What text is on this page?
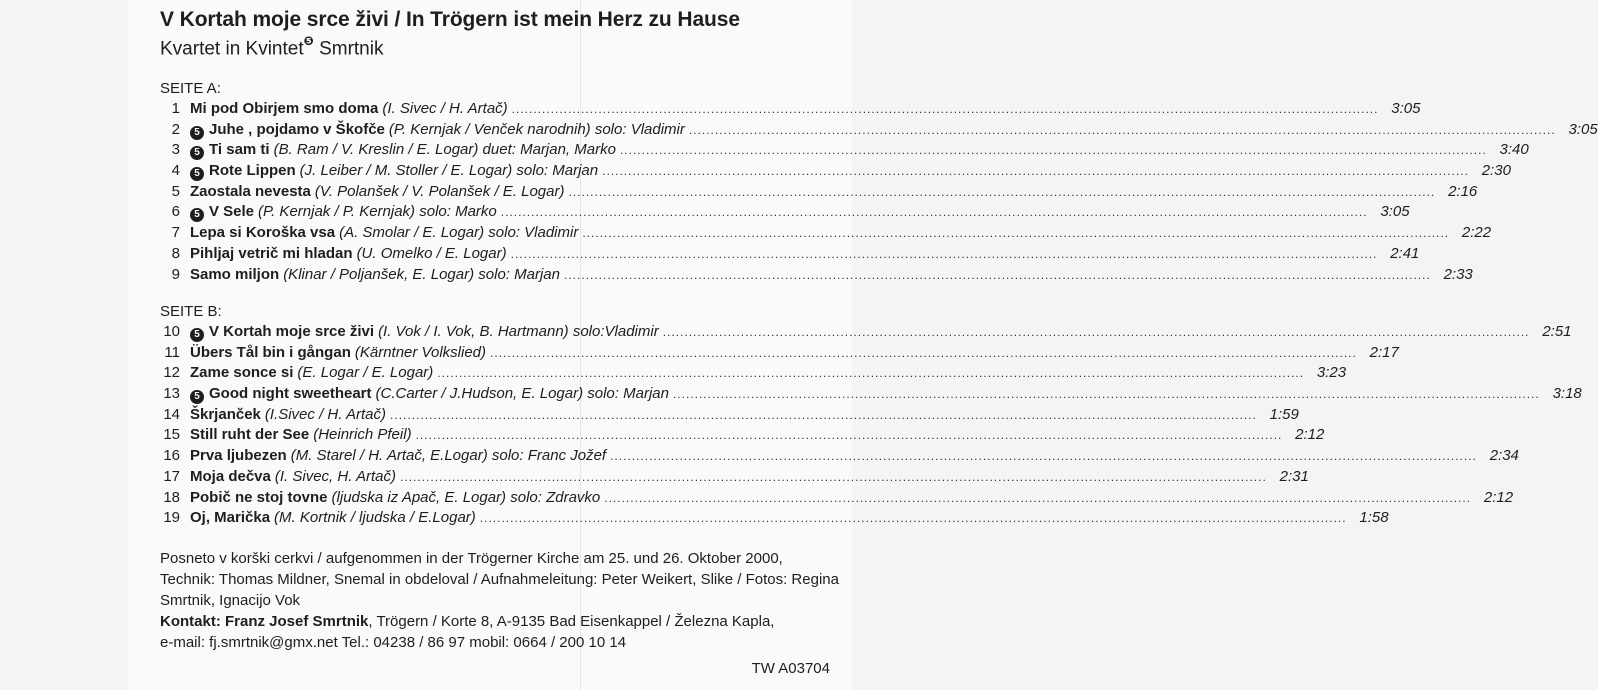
V Kortah moje srce živi / In Trögern ist mein Herz zu Hause
Kvartet in Kvintet$^❺$ Smrtnik
SEITE A:
1 Mi pod Obirjem smo doma (I. Sivec / H. Artač) ........................................................................................................................................................................................................ 3:05
2	5 Juhe , pojdamo v Škofče (P. Kernjak / Venček narodnih) solo: Vladimir ........................................................................................................................................................................................................ 3:05
3	5 Ti sam ti (B. Ram / V. Kreslin / E. Logar) duet: Marjan, Marko ........................................................................................................................................................................................................ 3:40
4	5 Rote Lippen (J. Leiber / M. Stoller / E. Logar) solo: Marjan ........................................................................................................................................................................................................ 2:30
5 Zaostala nevesta (V. Polanšek / V. Polanšek / E. Logar) ........................................................................................................................................................................................................ 2:16
6	5 V Sele (P. Kernjak / P. Kernjak) solo: Marko ........................................................................................................................................................................................................ 3:05
7 Lepa si Koroška vsa (A. Smolar / E. Logar) solo: Vladimir ........................................................................................................................................................................................................ 2:22
8 Pihljaj vetrič mi hladan (U. Omelko / E. Logar) ........................................................................................................................................................................................................ 2:41
9 Samo miljon (Klinar / Poljanšek, E. Logar) solo: Marjan ........................................................................................................................................................................................................ 2:33
SEITE B:
10	5 V Kortah moje srce živi (I. Vok / I. Vok, B. Hartmann) solo:Vladimir ........................................................................................................................................................................................................ 2:51
11 Übers Tål bin i gångan (Kärntner Volkslied) ........................................................................................................................................................................................................ 2:17
12 Zame sonce si (E. Logar / E. Logar) ........................................................................................................................................................................................................ 3:23
13	5 Good night sweetheart (C.Carter / J.Hudson, E. Logar) solo: Marjan ........................................................................................................................................................................................................ 3:18
14 Škrjanček (I.Sivec / H. Artač) ........................................................................................................................................................................................................ 1:59
15 Still ruht der See (Heinrich Pfeil) ........................................................................................................................................................................................................ 2:12
16 Prva ljubezen (M. Starel / H. Artač, E.Logar) solo: Franc Jožef ........................................................................................................................................................................................................ 2:34
17 Moja dečva (I. Sivec, H. Artač) ........................................................................................................................................................................................................ 2:31
18 Pobič ne stoj tovne (ljudska iz Apač, E. Logar) solo: Zdravko ........................................................................................................................................................................................................ 2:12
19 Oj, Marička (M. Kortnik / ljudska / E.Logar) ........................................................................................................................................................................................................ 1:58
Posneto v korški cerkvi / aufgenommen in der Trögerner Kirche am 25. und 26. Oktober 2000, Technik: Thomas Mildner, Snemal in obdeloval / Aufnahmeleitung: Peter Weikert, Slike / Fotos: Regina Smrtnik, Ignacijo Vok
Kontakt: Franz Josef Smrtnik, Trögern / Korte 8, A-9135 Bad Eisenkappel / Železna Kapla,
e-mail: fj.smrtnik@gmx.net Tel.: 04238 / 86 97 mobil: 0664 / 200 10 14
TW A03704
